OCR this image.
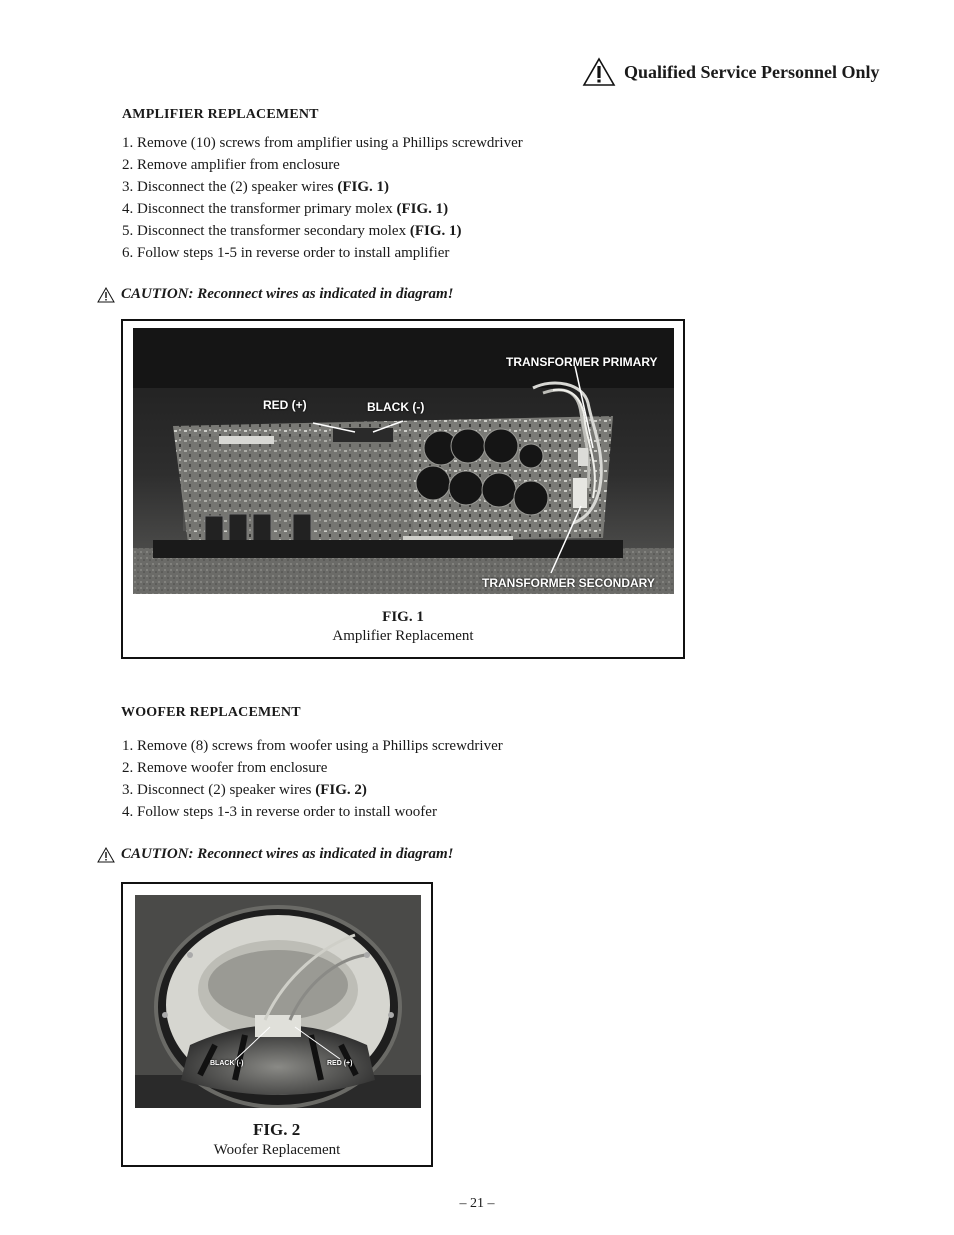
Qualified Service Personnel Only
AMPLIFIER REPLACEMENT
1. Remove (10) screws from amplifier using a Phillips screwdriver
2. Remove amplifier from enclosure
3. Disconnect the (2) speaker wires (FIG. 1)
4. Disconnect the transformer primary molex (FIG. 1)
5. Disconnect the transformer secondary molex (FIG. 1)
6. Follow steps 1-5 in reverse order to install amplifier
CAUTION: Reconnect wires as indicated in diagram!
TRANSFORMER PRIMARY
RED (+)	BLACK (-)
TRANSFORMER SECONDARY
FIG. 1
Amplifier Replacement
WOOFER REPLACEMENT
1. Remove (8) screws from woofer using a Phillips screwdriver
2. Remove woofer from enclosure
3. Disconnect (2) speaker wires (FIG. 2)
4. Follow steps 1-3 in reverse order to install woofer
CAUTION: Reconnect wires as indicated in diagram!
BLACK (-)	RED (+)
FIG. 2
Woofer Replacement
– 21 –
